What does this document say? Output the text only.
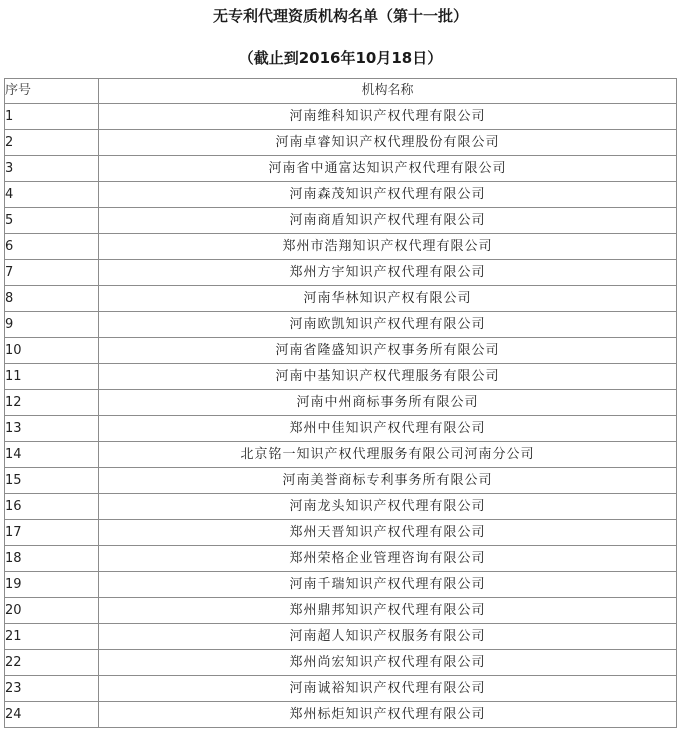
无专利代理资质机构名单（第十一批）
（截止到2016年10月18日）
序号	机构名称
1	河南维科知识产权代理有限公司
2	河南卓睿知识产权代理股份有限公司
3	河南省中通富达知识产权代理有限公司
4	河南森茂知识产权代理有限公司
5	河南商盾知识产权代理有限公司
6	郑州市浩翔知识产权代理有限公司
7	郑州方宇知识产权代理有限公司
8	河南华林知识产权有限公司
9	河南欧凯知识产权代理有限公司
10	河南省隆盛知识产权事务所有限公司
11	河南中基知识产权代理服务有限公司
12	河南中州商标事务所有限公司
13	郑州中佳知识产权代理有限公司
14	北京铭一知识产权代理服务有限公司河南分公司
15	河南美誉商标专利事务所有限公司
16	河南龙头知识产权代理有限公司
17	郑州天晋知识产权代理有限公司
18	郑州荣格企业管理咨询有限公司
19	河南千瑞知识产权代理有限公司
20	郑州鼎邦知识产权代理有限公司
21	河南超人知识产权服务有限公司
22	郑州尚宏知识产权代理有限公司
23	河南诚裕知识产权代理有限公司
24	郑州标炬知识产权代理有限公司
